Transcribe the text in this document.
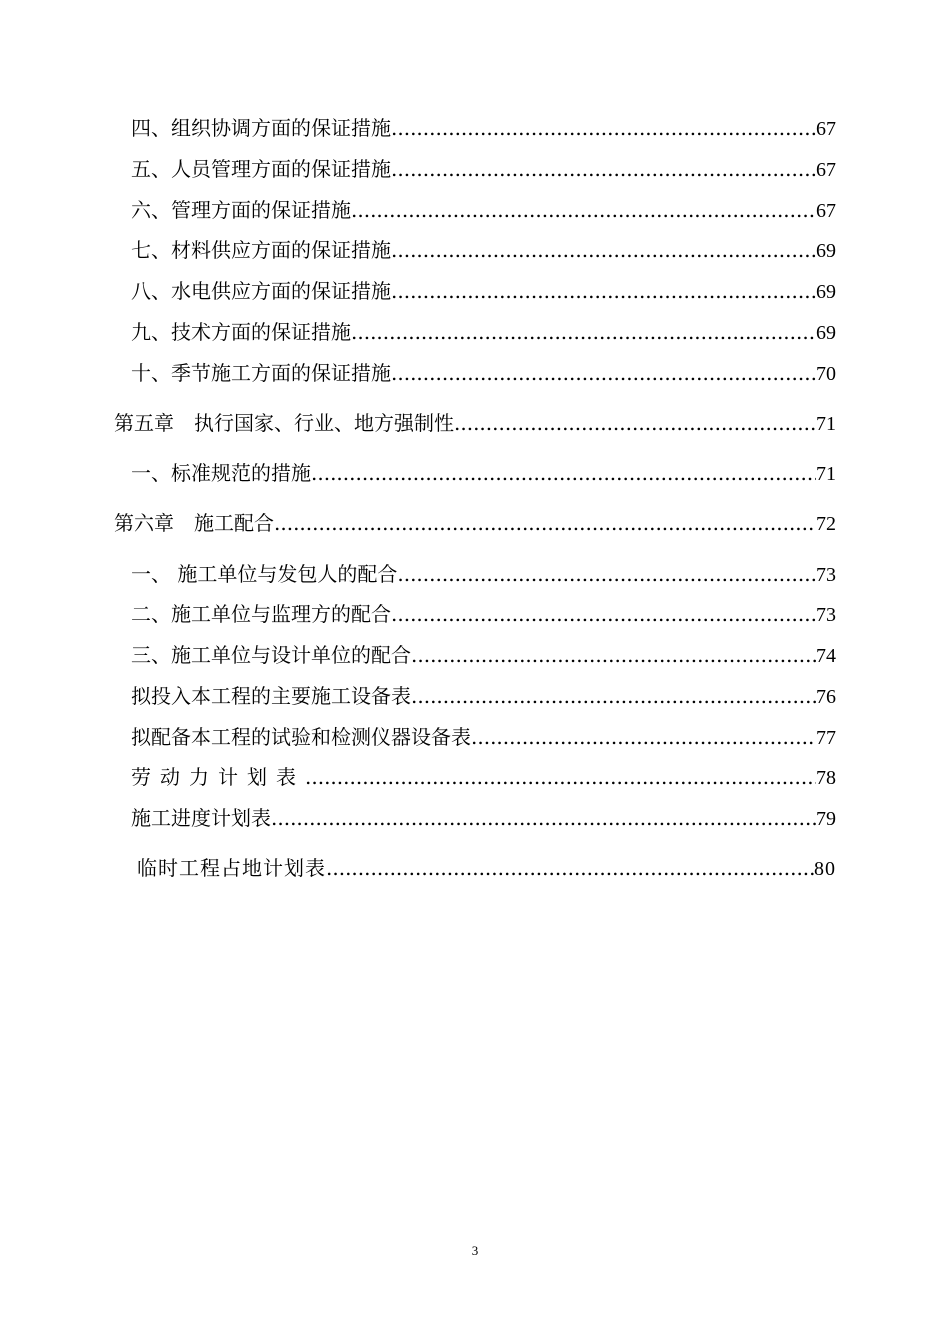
四、组织协调方面的保证措施 .....	67
五、人员管理方面的保证措施 .....	67
六、管理方面的保证措施 .....	67
七、材料供应方面的保证措施 .....	69
八、水电供应方面的保证措施 .....	69
九、技术方面的保证措施 .....	69
十、季节施工方面的保证措施 .....	70
第五章　执行国家、行业、地方强制性 .....	71
一、标准规范的措施 .....	71
第六章　施工配合 .....	72
一、 施工单位与发包人的配合 .....	73
二、施工单位与监理方的配合 .....	73
三、施工单位与设计单位的配合 .....	74
拟投入本工程的主要施工设备表 .....	76
拟配备本工程的试验和检测仪器设备表 .....	77
劳动力计划表 .....	78
施工进度计划表 .....	79
临时工程占地计划表 .....	80
3
